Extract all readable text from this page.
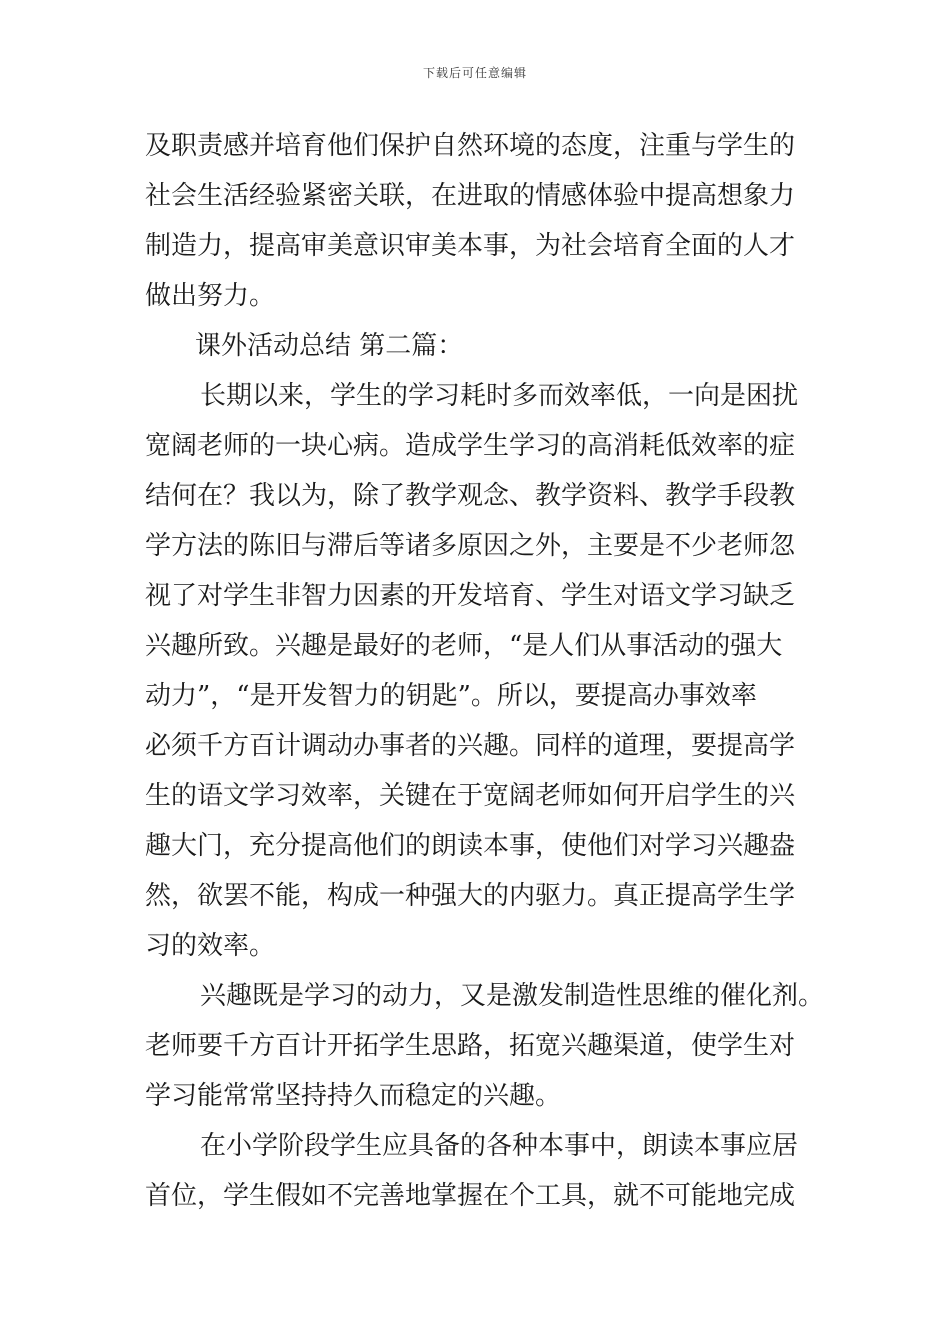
下载后可任意编辑
及职责感并培育他们保护自然环境的态度，注重与学生的
社会生活经验紧密关联，在进取的情感体验中提高想象力
制造力，提高审美意识审美本事，为社会培育全面的人才
做出努力。
课外活动总结 第二篇：
长期以来，学生的学习耗时多而效率低，一向是困扰
宽阔老师的一块心病。造成学生学习的高消耗低效率的症
结何在？我以为，除了教学观念、教学资料、教学手段教
学方法的陈旧与滞后等诸多原因之外，主要是不少老师忽
视了对学生非智力因素的开发培育、学生对语文学习缺乏
兴趣所致。兴趣是最好的老师，“是人们从事活动的强大
动力”，“是开发智力的钥匙”。所以，要提高办事效率
必须千方百计调动办事者的兴趣。同样的道理，要提高学
生的语文学习效率，关键在于宽阔老师如何开启学生的兴
趣大门，充分提高他们的朗读本事，使他们对学习兴趣盎
然，欲罢不能，构成一种强大的内驱力。真正提高学生学
习的效率。
兴趣既是学习的动力，又是激发制造性思维的催化剂。
老师要千方百计开拓学生思路，拓宽兴趣渠道，使学生对
学习能常常坚持持久而稳定的兴趣。
在小学阶段学生应具备的各种本事中，朗读本事应居
首位，学生假如不完善地掌握在个工具，就不可能地完成
